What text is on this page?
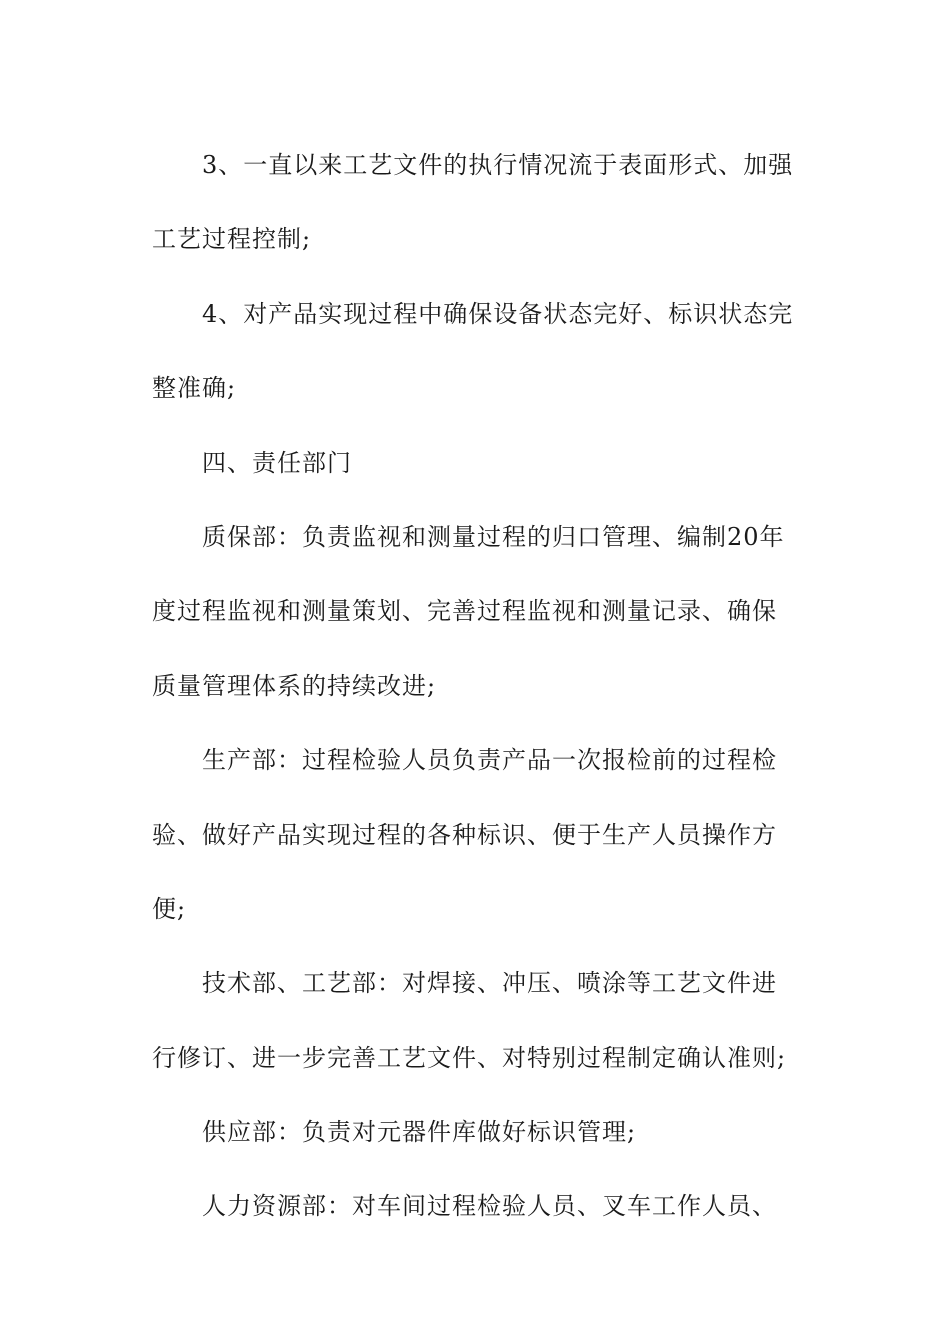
3、一直以来工艺文件的执行情况流于表面形式、加强
工艺过程控制;
4、对产品实现过程中确保设备状态完好、标识状态完
整准确;
四、责任部门
质保部：负责监视和测量过程的归口管理、编制20年
度过程监视和测量策划、完善过程监视和测量记录、确保
质量管理体系的持续改进;
生产部：过程检验人员负责产品一次报检前的过程检
验、做好产品实现过程的各种标识、便于生产人员操作方
便;
技术部、工艺部：对焊接、冲压、喷涂等工艺文件进
行修订、进一步完善工艺文件、对特别过程制定确认准则;
供应部：负责对元器件库做好标识管理;
人力资源部：对车间过程检验人员、叉车工作人员、
